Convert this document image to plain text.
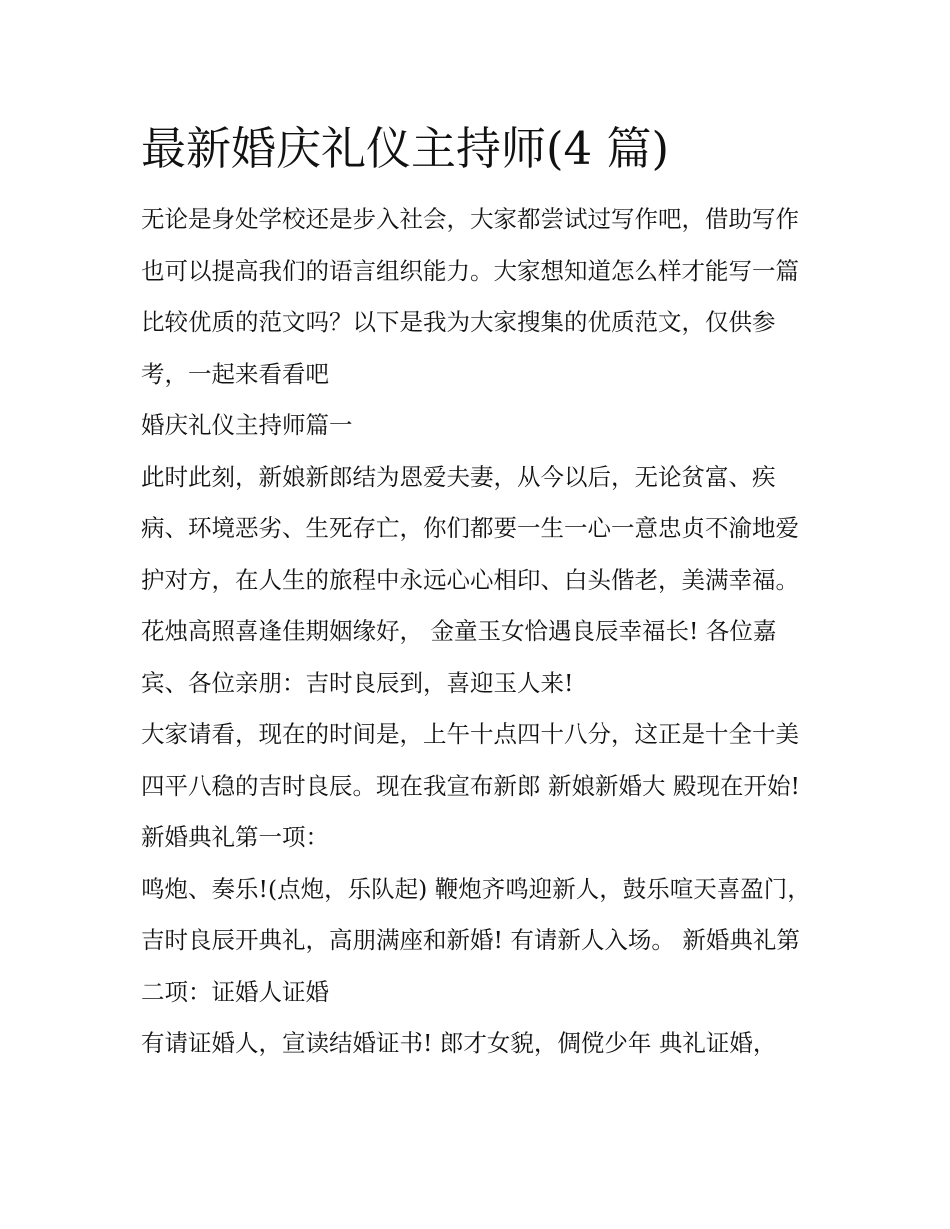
最新婚庆礼仪主持师(4 篇)

无论是身处学校还是步入社会，大家都尝试过写作吧，借助写作也可以提高我们的语言组织能力。大家想知道怎么样才能写一篇比较优质的范文吗？以下是我为大家搜集的优质范文，仅供参考，一起来看看吧

婚庆礼仪主持师篇一

此时此刻，新娘新郎结为恩爱夫妻，从今以后，无论贫富、疾病、环境恶劣、生死存亡，你们都要一生一心一意忠贞不渝地爱护对方，在人生的旅程中永远心心相印、白头偕老，美满幸福。

花烛高照喜逢佳期姻缘好， 金童玉女恰遇良辰幸福长! 各位嘉宾、各位亲朋：吉时良辰到，喜迎玉人来!

大家请看，现在的时间是，上午十点四十八分，这正是十全十美四平八稳的吉时良辰。现在我宣布新郎 新娘新婚大 殿现在开始! 新婚典礼第一项：

鸣炮、奏乐!(点炮，乐队起) 鞭炮齐鸣迎新人，鼓乐喧天喜盈门， 吉时良辰开典礼，高朋满座和新婚! 有请新人入场。 新婚典礼第二项：证婚人证婚

有请证婚人，宣读结婚证书! 郎才女貌，倜傥少年 典礼证婚，
